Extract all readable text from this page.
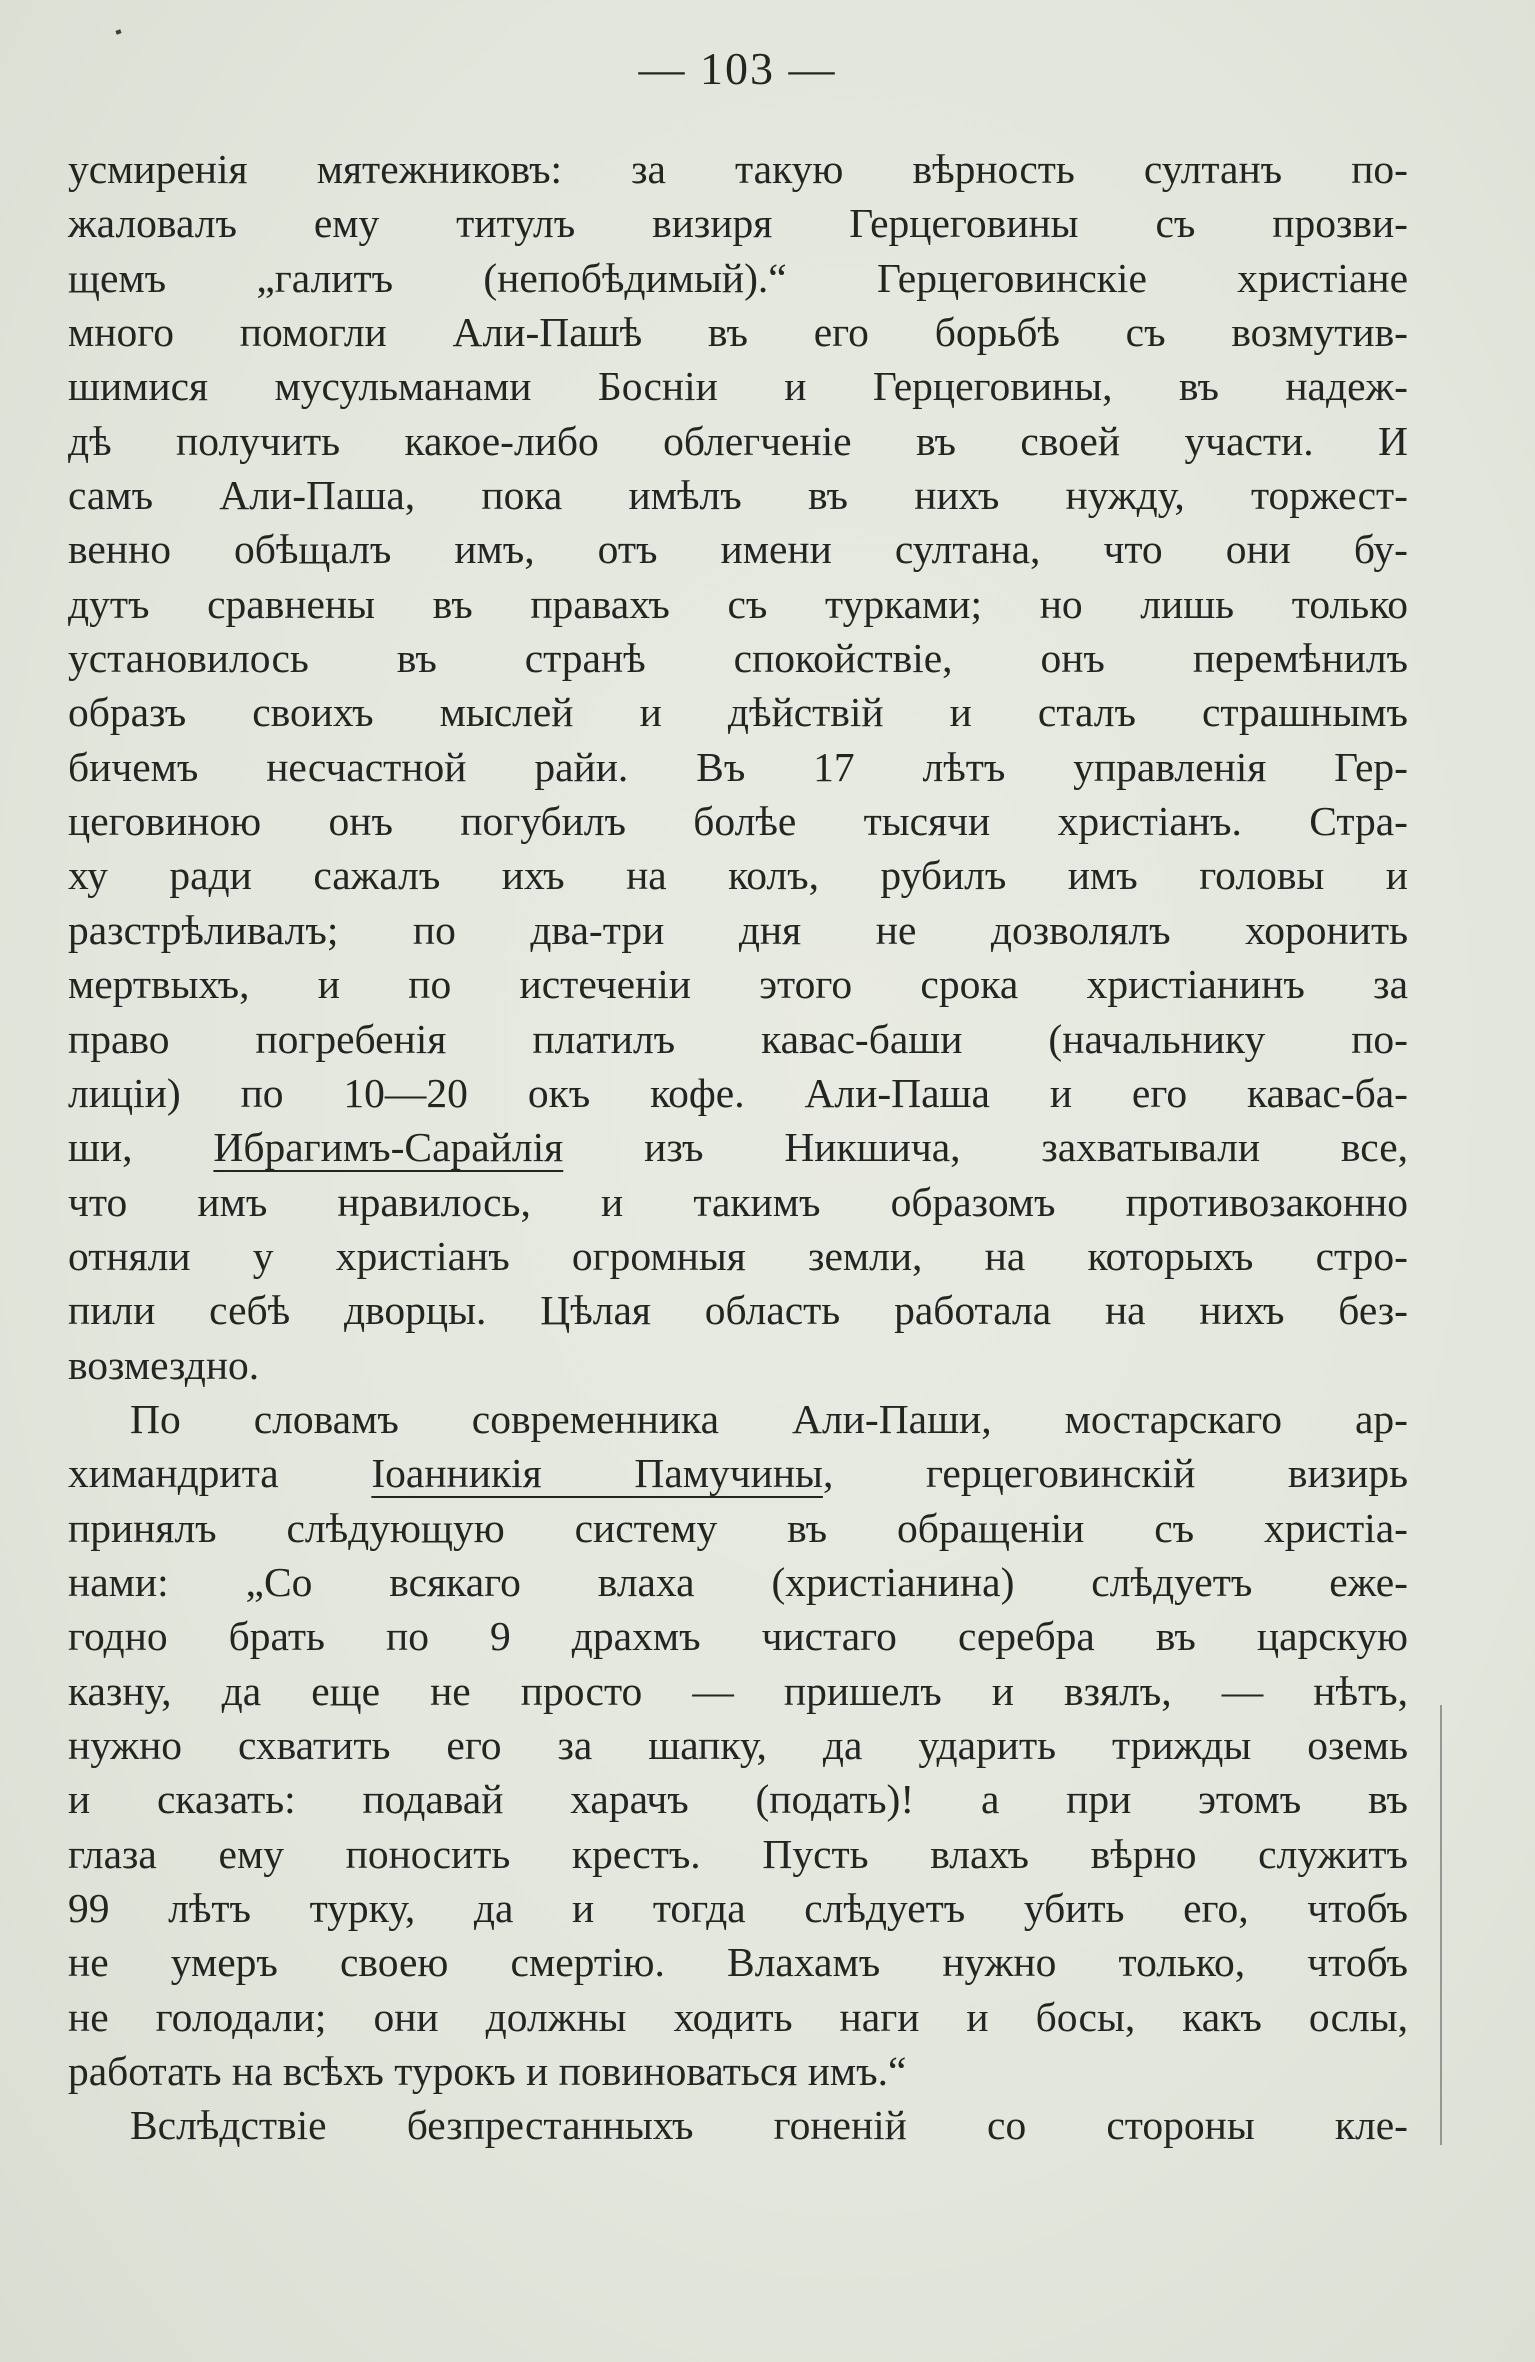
— 103 —
усмиренія мятежниковъ: за такую вѣрность султанъ по-
жаловалъ ему титулъ визиря Герцеговины съ прозви-
щемъ „галитъ (непобѣдимый).“ Герцеговинскіе христіане
много помогли Али-Пашѣ въ его борьбѣ съ возмутив-
шимися мусульманами Босніи и Герцеговины, въ надеж-
дѣ получить какое-либо облегченіе въ своей участи. И
самъ Али-Паша, пока имѣлъ въ нихъ нужду, торжест-
венно обѣщалъ имъ, отъ имени султана, что они бу-
дутъ сравнены въ правахъ съ турками; но лишь только
установилось въ странѣ спокойствіе, онъ перемѣнилъ
образъ своихъ мыслей и дѣйствій и сталъ страшнымъ
бичемъ несчастной райи. Въ 17 лѣтъ управленія Гер-
цеговиною онъ погубилъ болѣе тысячи христіанъ. Стра-
ху ради сажалъ ихъ на колъ, рубилъ имъ головы и
разстрѣливалъ; по два-три дня не дозволялъ хоронить
мертвыхъ, и по истеченіи этого срока христіанинъ за
право погребенія платилъ кавас-баши (начальнику по-
лиціи) по 10—20 окъ кофе. Али-Паша и его кавас-ба-
ши, Ибрагимъ-Сарайлія изъ Никшича, захватывали все,
что имъ нравилось, и такимъ образомъ противозаконно
отняли у христіанъ огромныя земли, на которыхъ стро-
пили себѣ дворцы. Цѣлая область работала на нихъ без-
возмездно.
По словамъ современника Али-Паши, мостарскаго ар-
химандрита Іоанникія Памучины, герцеговинскій визирь
принялъ слѣдующую систему въ обращеніи съ христіа-
нами: „Со всякаго влаха (христіанина) слѣдуетъ еже-
годно брать по 9 драхмъ чистаго серебра въ царскую
казну, да еще не просто — пришелъ и взялъ, — нѣтъ,
нужно схватить его за шапку, да ударить трижды оземь
и сказать: подавай харачъ (подать)! а при этомъ въ
глаза ему поносить крестъ. Пусть влахъ вѣрно служитъ
99 лѣтъ турку, да и тогда слѣдуетъ убить его, чтобъ
не умеръ своею смертію. Влахамъ нужно только, чтобъ
не голодали; они должны ходить наги и босы, какъ ослы,
работать на всѣхъ турокъ и повиноваться имъ.“
Вслѣдствіе безпрестанныхъ гоненій со стороны кле-
